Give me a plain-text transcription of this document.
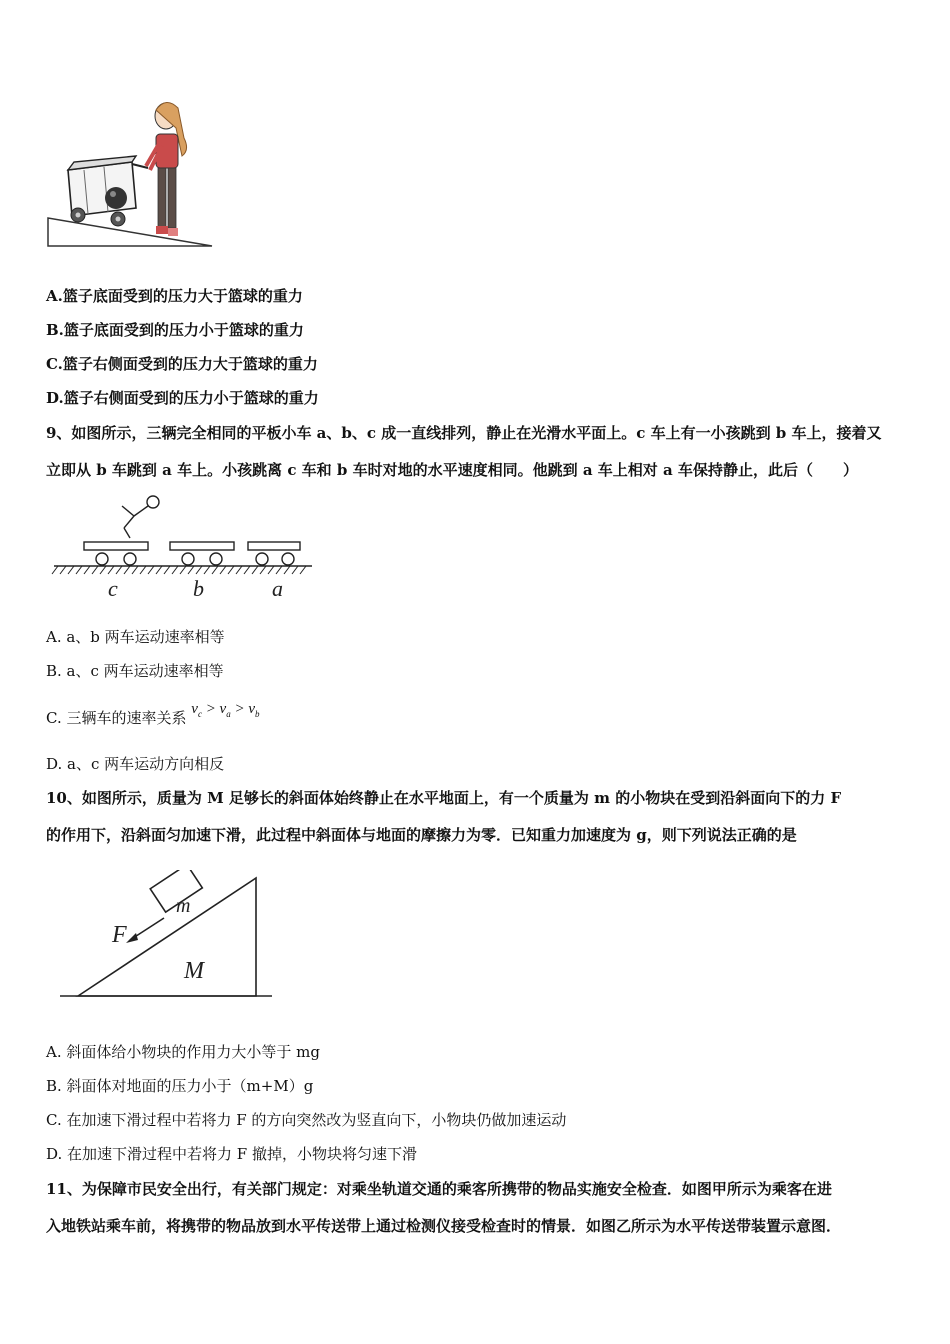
A.篮子底面受到的压力大于篮球的重力
B.篮子底面受到的压力小于篮球的重力
C.篮子右侧面受到的压力大于篮球的重力
D.篮子右侧面受到的压力小于篮球的重力
9、如图所示，三辆完全相同的平板小车 a、b、c 成一直线排列，静止在光滑水平面上。c 车上有一小孩跳到 b 车上，接着又
立即从 b 车跳到 a 车上。小孩跳离 c 车和 b 车时对地的水平速度相同。他跳到 a 车上相对 a 车保持静止，此后（　　）
c	b	a
A. a、b 两车运动速率相等
B. a、c 两车运动速率相等
C. 三辆车的速率关系 $v_c > v_a > v_b$
D. a、c 两车运动方向相反
10、如图所示，质量为 M 足够长的斜面体始终静止在水平地面上，有一个质量为 m 的小物块在受到沿斜面向下的力 F
的作用下，沿斜面匀加速下滑，此过程中斜面体与地面的摩擦力为零．已知重力加速度为 g，则下列说法正确的是
m
F
M
A. 斜面体给小物块的作用力大小等于 mg
B. 斜面体对地面的压力小于（m+M）g
C. 在加速下滑过程中若将力 F 的方向突然改为竖直向下，小物块仍做加速运动
D. 在加速下滑过程中若将力 F 撤掉，小物块将匀速下滑
11、为保障市民安全出行，有关部门规定：对乘坐轨道交通的乘客所携带的物品实施安全检查．如图甲所示为乘客在进
入地铁站乘车前，将携带的物品放到水平传送带上通过检测仪接受检查时的情景．如图乙所示为水平传送带装置示意图．
